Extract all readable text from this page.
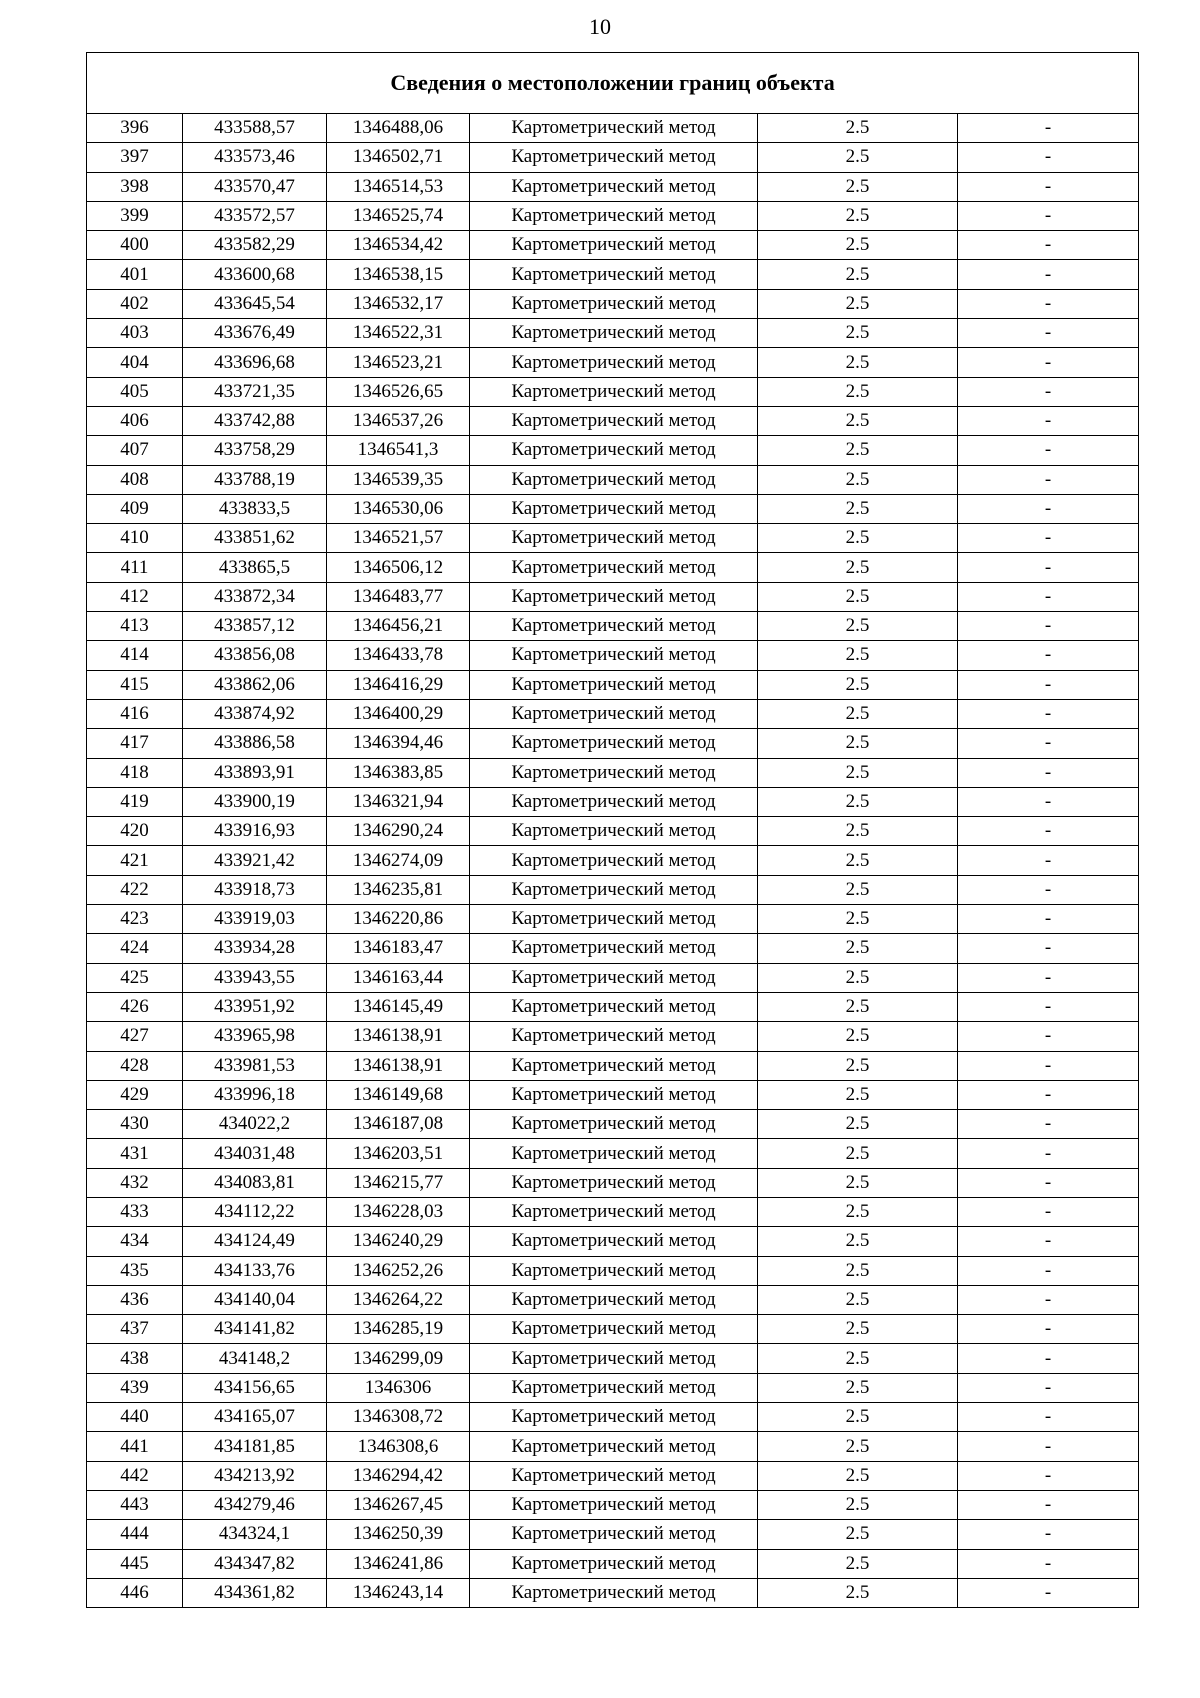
10
Сведения о местоположении границ объекта					
396	433588,57	1346488,06	Картометрический метод	2.5	-
397	433573,46	1346502,71	Картометрический метод	2.5	-
398	433570,47	1346514,53	Картометрический метод	2.5	-
399	433572,57	1346525,74	Картометрический метод	2.5	-
400	433582,29	1346534,42	Картометрический метод	2.5	-
401	433600,68	1346538,15	Картометрический метод	2.5	-
402	433645,54	1346532,17	Картометрический метод	2.5	-
403	433676,49	1346522,31	Картометрический метод	2.5	-
404	433696,68	1346523,21	Картометрический метод	2.5	-
405	433721,35	1346526,65	Картометрический метод	2.5	-
406	433742,88	1346537,26	Картометрический метод	2.5	-
407	433758,29	1346541,3	Картометрический метод	2.5	-
408	433788,19	1346539,35	Картометрический метод	2.5	-
409	433833,5	1346530,06	Картометрический метод	2.5	-
410	433851,62	1346521,57	Картометрический метод	2.5	-
411	433865,5	1346506,12	Картометрический метод	2.5	-
412	433872,34	1346483,77	Картометрический метод	2.5	-
413	433857,12	1346456,21	Картометрический метод	2.5	-
414	433856,08	1346433,78	Картометрический метод	2.5	-
415	433862,06	1346416,29	Картометрический метод	2.5	-
416	433874,92	1346400,29	Картометрический метод	2.5	-
417	433886,58	1346394,46	Картометрический метод	2.5	-
418	433893,91	1346383,85	Картометрический метод	2.5	-
419	433900,19	1346321,94	Картометрический метод	2.5	-
420	433916,93	1346290,24	Картометрический метод	2.5	-
421	433921,42	1346274,09	Картометрический метод	2.5	-
422	433918,73	1346235,81	Картометрический метод	2.5	-
423	433919,03	1346220,86	Картометрический метод	2.5	-
424	433934,28	1346183,47	Картометрический метод	2.5	-
425	433943,55	1346163,44	Картометрический метод	2.5	-
426	433951,92	1346145,49	Картометрический метод	2.5	-
427	433965,98	1346138,91	Картометрический метод	2.5	-
428	433981,53	1346138,91	Картометрический метод	2.5	-
429	433996,18	1346149,68	Картометрический метод	2.5	-
430	434022,2	1346187,08	Картометрический метод	2.5	-
431	434031,48	1346203,51	Картометрический метод	2.5	-
432	434083,81	1346215,77	Картометрический метод	2.5	-
433	434112,22	1346228,03	Картометрический метод	2.5	-
434	434124,49	1346240,29	Картометрический метод	2.5	-
435	434133,76	1346252,26	Картометрический метод	2.5	-
436	434140,04	1346264,22	Картометрический метод	2.5	-
437	434141,82	1346285,19	Картометрический метод	2.5	-
438	434148,2	1346299,09	Картометрический метод	2.5	-
439	434156,65	1346306	Картометрический метод	2.5	-
440	434165,07	1346308,72	Картометрический метод	2.5	-
441	434181,85	1346308,6	Картометрический метод	2.5	-
442	434213,92	1346294,42	Картометрический метод	2.5	-
443	434279,46	1346267,45	Картометрический метод	2.5	-
444	434324,1	1346250,39	Картометрический метод	2.5	-
445	434347,82	1346241,86	Картометрический метод	2.5	-
446	434361,82	1346243,14	Картометрический метод	2.5	-
